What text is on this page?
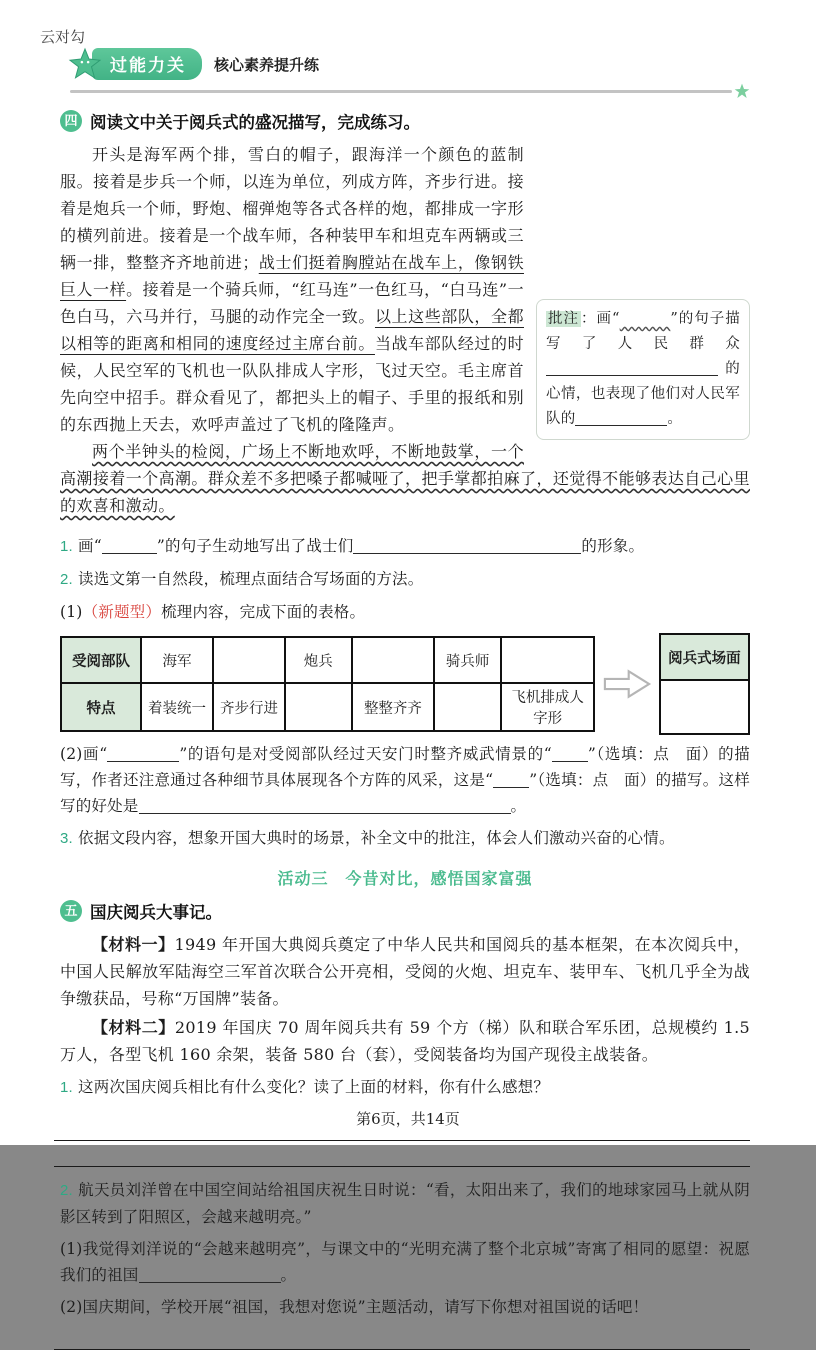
云对勾
过能力关	核心素养提升练
四 阅读文中关于阅兵式的盛况描写，完成练习。
批注 ：画“	”的句子描写了人民群众的心情，也表现了他们对人民军队的	。

开头是海军两个排，雪白的帽子，跟海洋一个颜色的蓝制服。接着是步兵一个师，以连为单位，列成方阵，齐步行进。接着是炮兵一个师，野炮、榴弹炮等各式各样的炮，都排成一字形的横列前进。接着是一个战车师，各种装甲车和坦克车两辆或三辆一排，整整齐齐地前进；战士们挺着胸膛站在战车上，像钢铁巨人一样。接着是一个骑兵师，“红马连”一色红马，“白马连”一色白马，六马并行，马腿的动作完全一致。以上这些部队，全都以相等的距离和相同的速度经过主席台前。当战车部队经过的时候，人民空军的飞机也一队队排成人字形，飞过天空。毛主席首先向空中招手。群众看见了，都把头上的帽子、手里的报纸和别的东西抛上天去，欢呼声盖过了飞机的隆隆声。

两个半钟头的检阅，广场上不断地欢呼，不断地鼓掌，一个高潮接着一个高潮。群众差不多把嗓子都喊哑了，把手掌都拍麻了，还觉得不能够表达自己心里的欢喜和激动。

1. 画“	”的句子生动地写出了战士们	的形象。
2. 读选文第一自然段，梳理点面结合写场面的方法。
(1)（新题型）梳理内容，完成下面的表格。
受阅部队	海军		炮兵		骑兵师	
特点	着装统一	齐步行进		整整齐齐		飞机排成人字形
阅兵式场面

(2)画“	”的语句是对受阅部队经过天安门时整齐威武情景的“ ”（选填：点　面）的描写，作者还注意通过各种细节具体展现各个方阵的风采，这是“ ”（选填：点　面）的描写。这样写的好处是	。
3. 依据文段内容，想象开国大典时的场景，补全文中的批注，体会人们激动兴奋的心情。
活动三　今昔对比，感悟国家富强
五 国庆阅兵大事记。
【材料一】1949 年开国大典阅兵奠定了中华人民共和国阅兵的基本框架，在本次阅兵中，中国人民解放军陆海空三军首次联合公开亮相，受阅的火炮、坦克车、装甲车、飞机几乎全为战争缴获品，号称“万国牌”装备。
【材料二】2019 年国庆 70 周年阅兵共有 59 个方（梯）队和联合军乐团，总规模约 1.5 万人，各型飞机 160 余架，装备 580 台（套），受阅装备均为国产现役主战装备。
1. 这两次国庆阅兵相比有什么变化？读了上面的材料，你有什么感想？
2. 航天员刘洋曾在中国空间站给祖国庆祝生日时说：“看，太阳出来了，我们的地球家园马上就从阴影区转到了阳照区，会越来越明亮。”
(1)我觉得刘洋说的“会越来越明亮”，与课文中的“光明充满了整个北京城”寄寓了相同的愿望：祝愿我们的祖国	。
(2)国庆期间，学校开展“祖国，我想对您说”主题活动，请写下你想对祖国说的话吧！
第6页，共14页
